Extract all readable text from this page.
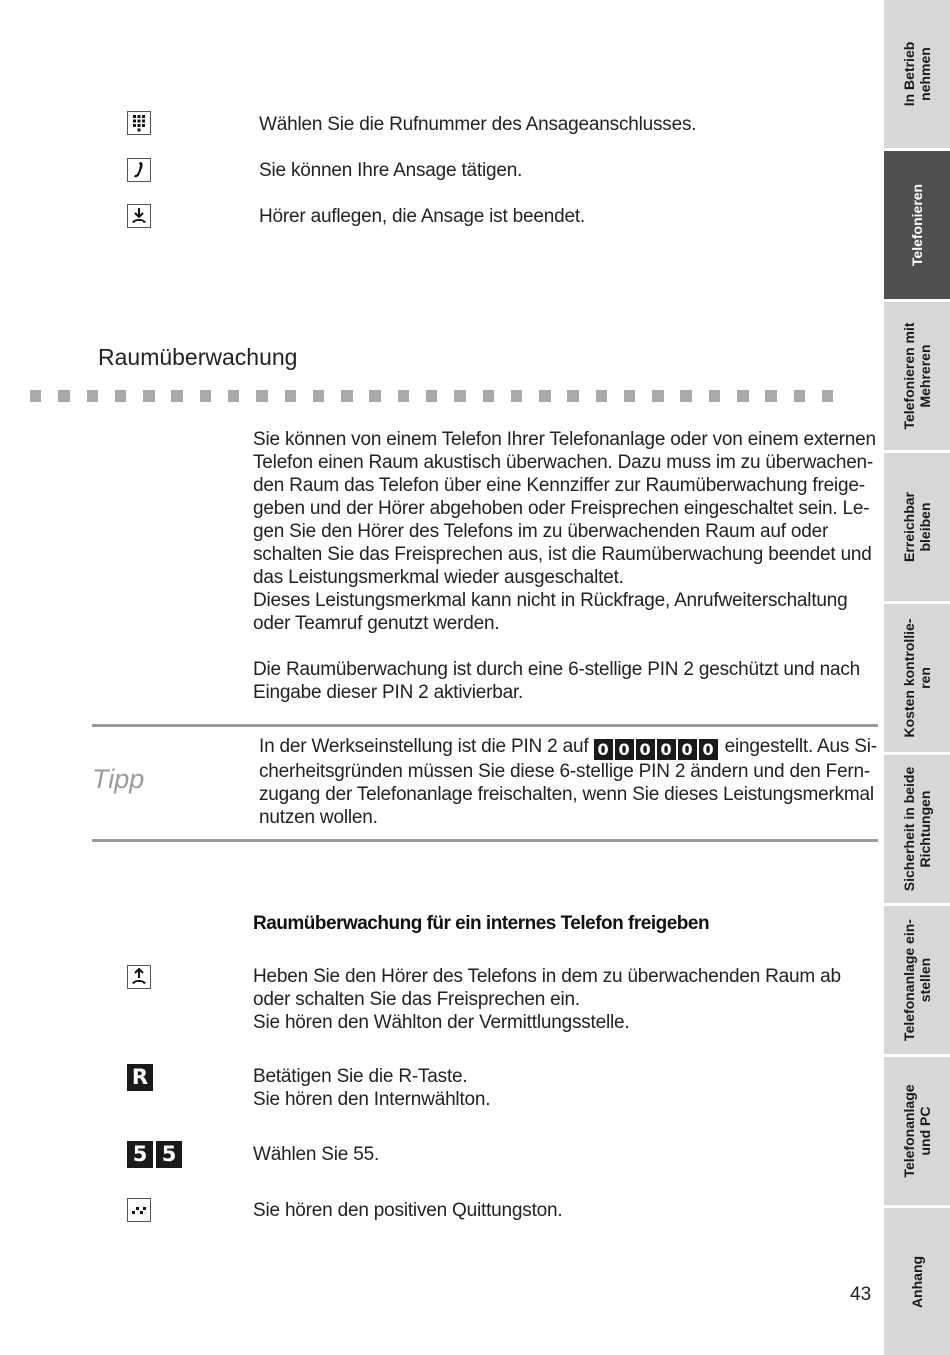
Wählen Sie die Rufnummer des Ansageanschlusses.
Sie können Ihre Ansage tätigen.
Hörer auflegen, die Ansage ist beendet.
Raumüberwachung
Sie können von einem Telefon Ihrer Telefonanlage oder von einem externen
Telefon einen Raum akustisch überwachen. Dazu muss im zu überwachen-
den Raum das Telefon über eine Kennziffer zur Raumüberwachung freige-
geben und der Hörer abgehoben oder Freisprechen eingeschaltet sein. Le-
gen Sie den Hörer des Telefons im zu überwachenden Raum auf oder
schalten Sie das Freisprechen aus, ist die Raumüberwachung beendet und
das Leistungsmerkmal wieder ausgeschaltet.
Dieses Leistungsmerkmal kann nicht in Rückfrage, Anrufweiterschaltung
oder Teamruf genutzt werden.
Die Raumüberwachung ist durch eine 6-stellige PIN 2 geschützt und nach
Eingabe dieser PIN 2 aktivierbar.
Tipp
In der Werkseinstellung ist die PIN 2 auf 0 0 0 0 0 0 eingestellt. Aus Si-
cherheitsgründen müssen Sie diese 6-stellige PIN 2 ändern und den Fern-
zugang der Telefonanlage freischalten, wenn Sie dieses Leistungsmerkmal
nutzen wollen.
Raumüberwachung für ein internes Telefon freigeben
Heben Sie den Hörer des Telefons in dem zu überwachenden Raum ab
oder schalten Sie das Freisprechen ein.
Sie hören den Wählton der Vermittlungsstelle.
R	Betätigen Sie die R-Taste.
Sie hören den Internwählton.
5 5	Wählen Sie 55.
Sie hören den positiven Quittungston.
43
In Betrieb
nehmen
Telefonieren
Telefonieren mit
Mehreren
Erreichbar
bleiben
Kosten kontrollie-
ren
Sicherheit in beide
Richtungen
Telefonanlage ein-
stellen
Telefonanlage
und PC
Anhang
